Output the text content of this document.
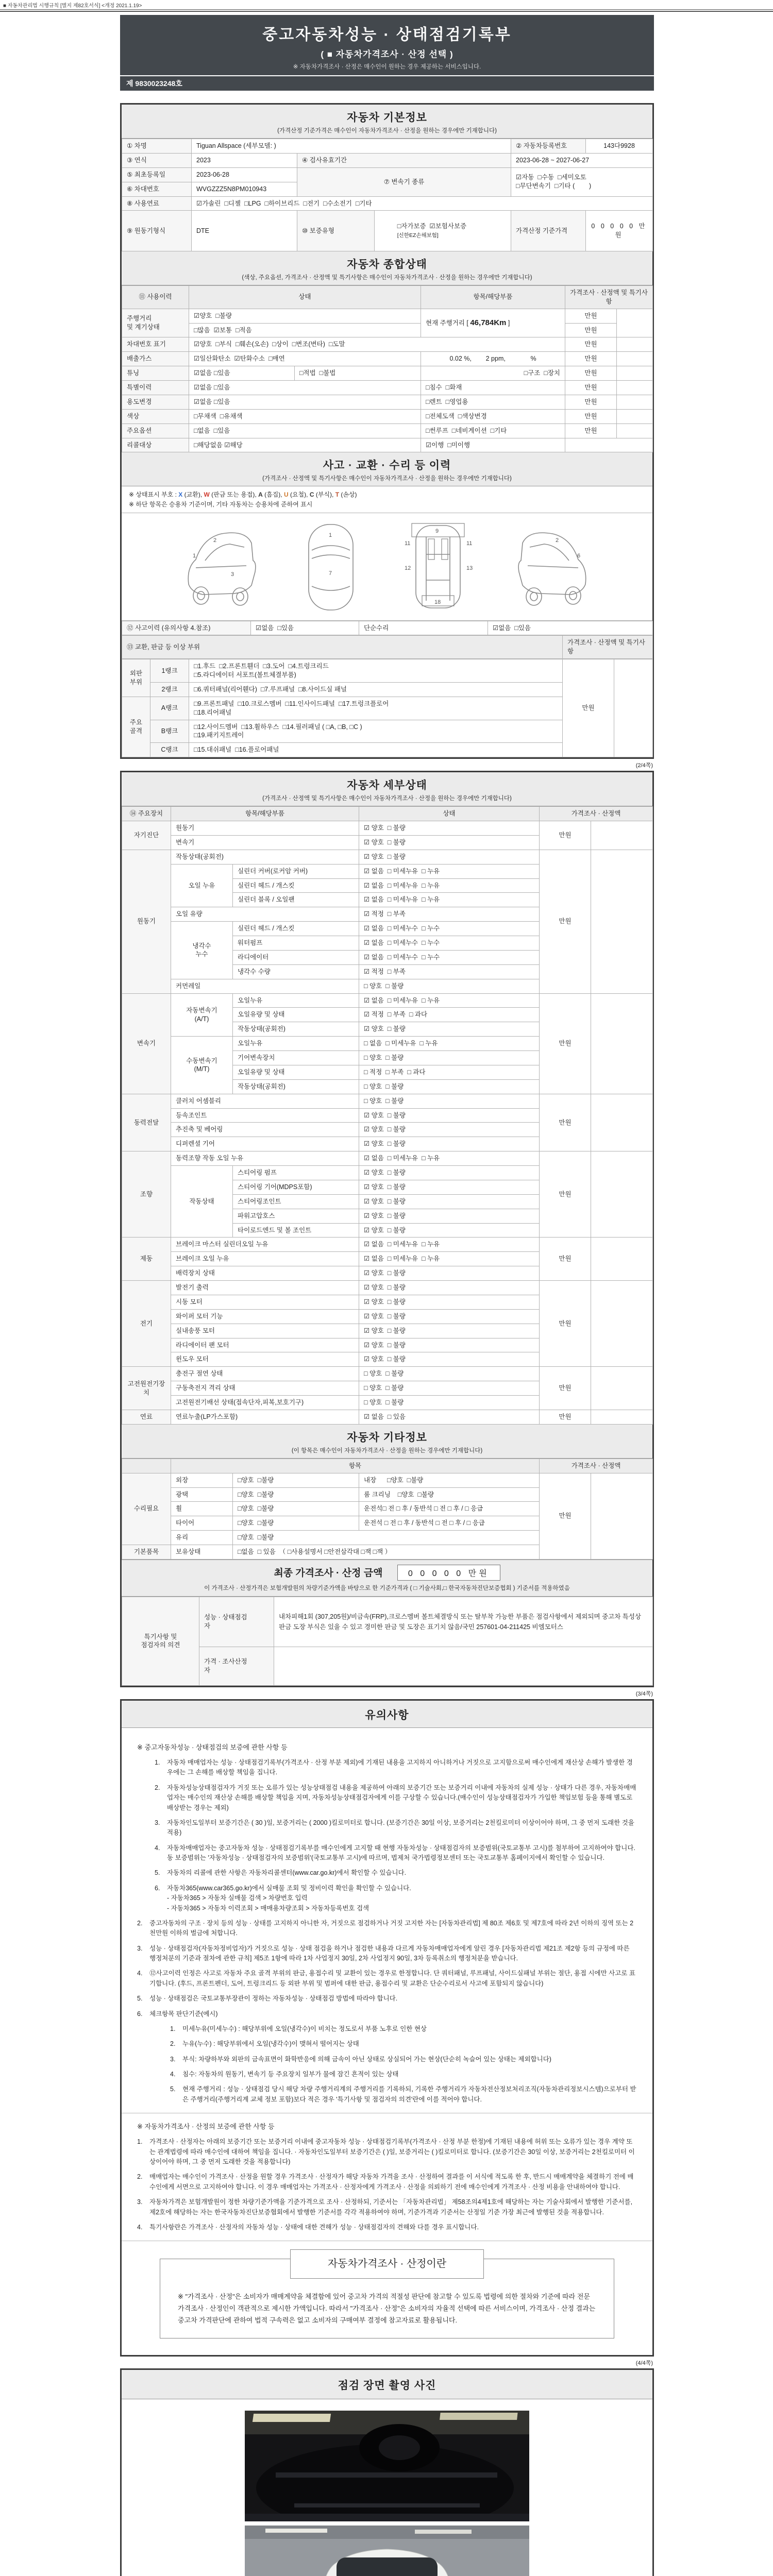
■ 자동차관리법 시행규칙 [별지 제82호서식] <개정 2021.1.19>
중고자동차성능 · 상태점검기록부
( ■ 자동차가격조사 · 산정 선택 )
※ 자동차가격조사 · 산정은 매수인이 원하는 경우 제공하는 서비스입니다.
제 9830023248호
자동차 기본정보
(가격산정 기준가격은 매수인이 자동차가격조사 · 산정을 원하는 경우에만 기재합니다)
① 차명	Tiguan Allspace (세부모델: )			② 자동차등록번호	143다9928
③ 연식	2023	④ 검사유효기간		2023-06-28 ~ 2027-06-27	
⑤ 최초등록일	2023-06-28	⑦ 변속기 종류		☑자동  □수동  □세미오토
□무단변속기  □기타 (        )	

⑥ 차대번호	WVGZZZ5N8PM010943				
⑧ 사용연료	☑가솔린  □디젤  □LPG  □하이브리드  □전기  □수소전기  □기타				
⑨ 원동기형식	DTE	⑩ 보증유형	□자가보증  ☑보험사보증
[신한EZ손해보험]	가격산정 기준가격	0 0 0 0 0 만원
자동차 종합상태
(색상, 주요옵션, 가격조사 · 산정액 및 특기사항은 매수인이 자동차가격조사 · 산정을 원하는 경우에만 기재합니다)
⑪ 사용이력	상태		항목/해당부품	가격조사 · 산정액 및 특기사항	
주행거리
및 계기상태	☑양호  □불량		현재 주행거리 [ 46,784Km ]	만원	
	□많음  ☑보통  □적음			만원	
차대번호 표기	☑양호  □부식  □훼손(오손)  □상이  □변조(변타)  □도말			만원	
배출가스	☑일산화탄소  ☑탄화수소  □매연		0.02 %,        2 ppm,              %	만원	
튜닝	☑없음 □있음	□적법  □불법	□구조  □장치	만원	
특별이력	☑없음 □있음		□침수  □화재	만원	
용도변경	☑없음 □있음		□렌트  □영업용	만원	
색상	□무채색  □유채색		□전체도색  □색상변경	만원	
주요옵션	□없음  □있음		□썬루프  □네비게이션  □기타	만원	
리콜대상	□해당없음 ☑해당		☑이행  □미이행		
사고 · 교환 · 수리 등 이력
(가격조사 · 산정액 및 특기사항은 매수인이 자동차가격조사 · 산정을 원하는 경우에만 기재합니다)
※ 상태표시 부호 : X (교환), W (판금 또는 용접), A (흠집), U (요철), C (부식), T (손상)
※ 하단 항목은 승용차 기준이며, 기타 자동차는 승용차에 준하여 표시
2
1
3

1
7

11	11
9
12	13
18

2
6
⑫ 사고이력 (유의사항 4.참조)	☑없음  □있음	단순수리	☑없음  □있음
⑬ 교환, 판금 등 이상 부위	가격조사 · 산정액 및 특기사항
외판
부위	1랭크	
□1.후드  □2.프론트휀더  □3.도어  □4.트렁크리드
□5.라디에이터 서포트(볼트체결부품)
	만원	
	2랭크	□6.쿼터패널(리어휀다)  □7.루프패널  □8.사이드실 패널		
주요
골격	A랭크	
□9.프론트패널  □10.크로스멤버  □11.인사이드패널  □17.트렁크플로어
□18.리어패널

	B랭크	□12.사이드멤버  □13.휠하우스  □14.필러패널 ( □A, □B, □C )
□19.패키지트레이		

	C랭크	□15.대쉬패널  □16.플로어패널		
(2/4쪽)
자동차 세부상태
(가격조사 · 산정액 및 특기사항은 매수인이 자동차가격조사 · 산정을 원하는 경우에만 기재합니다)
⑭ 주요장치	항목/해당부품		상태	가격조사 · 산정액	
자기진단	원동기		☑ 양호  □ 불량	만원	
	변속기		☑ 양호  □ 불량		
원동기	작동상태(공회전)		☑ 양호  □ 불량	만원	
	오일 누유	실린더 커버(로커암 커버)	☑ 없음  □ 미세누유  □ 누유		
		실린더 헤드 / 개스킷	☑ 없음  □ 미세누유  □ 누유		
		실린더 블록 / 오일팬	☑ 없음  □ 미세누유  □ 누유		
	오일 유량		☑ 적정  □ 부족		
	냉각수
누수	실린더 헤드 / 개스킷	☑ 없음  □ 미세누수  □ 누수		
		워터펌프	☑ 없음  □ 미세누수  □ 누수		
		라디에이터	☑ 없음  □ 미세누수  □ 누수		
		냉각수 수량	☑ 적정  □ 부족		
	커먼레일		□ 양호  □ 불량		
변속기	자동변속기
(A/T)	오일누유	☑ 없음  □ 미세누유  □ 누유	만원	
		오일유량 및 상태	☑ 적정  □ 부족  □ 과다		
		작동상태(공회전)	☑ 양호  □ 불량		
	수동변속기
(M/T)	오일누유	□ 없음  □ 미세누유  □ 누유		
		기어변속장치	□ 양호  □ 불량		
		오일유량 및 상태	□ 적정  □ 부족  □ 과다		
		작동상태(공회전)	□ 양호  □ 불량		
동력전달	클러치 어셈블리		□ 양호  □ 불량	만원	
	등속조인트		☑ 양호  □ 불량		
	추진축 및 베어링		☑ 양호  □ 불량		
	디퍼렌셜 기어		☑ 양호  □ 불량		
조향	동력조향 작동 오일 누유		☑ 없음  □ 미세누유  □ 누유	만원	
	작동상태	스티어링 펌프	☑ 양호  □ 불량		
		스티어링 기어(MDPS포함)	☑ 양호  □ 불량		
		스티어링조인트	☑ 양호  □ 불량		
		파워고압호스	☑ 양호  □ 불량		
		타이로드엔드 및 볼 조인트	☑ 양호  □ 불량		
제동	브레이크 마스터 실린더오일 누유		☑ 없음  □ 미세누유  □ 누유	만원	
	브레이크 오일 누유		☑ 없음  □ 미세누유  □ 누유		
	배력장치 상태		☑ 양호  □ 불량		
전기	발전기 출력		☑ 양호  □ 불량	만원	
	시동 모터		☑ 양호  □ 불량		
	와이퍼 모터 기능		☑ 양호  □ 불량		
	실내송풍 모터		☑ 양호  □ 불량		
	라디에이터 팬 모터		☑ 양호  □ 불량		
	윈도우 모터		☑ 양호  □ 불량		
고전원전기장치	충전구 절연 상태		□ 양호  □ 불량	만원	
	구동축전지 격리 상태		□ 양호  □ 불량		
	고전원전기배선 상태(접속단자,피복,보호기구)		□ 양호  □ 불량		
연료	연료누출(LP가스포함)		☑ 없음  □ 있음	만원	
자동차 기타정보
(이 항목은 매수인이 자동차가격조사 · 산정을 원하는 경우에만 기재합니다)
	항목			가격조사 · 산정액	
수리필요	외장	□양호  □불량	내장 □양호  □불량	만원	
	광택	□양호  □불량	룸 크리닝 □양호  □불량		
	휠	□양호  □불량	운전석□ 전 □ 후 / 동반석 □ 전 □ 후 / □ 응급		
	타이어	□양호  □불량	운전석 □ 전 □ 후 / 동반석 □ 전 □ 후 / □ 응급		
	유리	□양호  □불량			
기본품목	보유상태	□없음  □ 있음  （ □사용설명서 □안전삼각대 □잭 □잭 ）			
최종 가격조사 · 산정 금액	0 0 0 0 0 만원
이 가격조사 · 산정가격은 보험개발원의 차량기준가액을 바탕으로 한 기준가격과 ( □ 기술사회,□ 한국자동차진단보증협회 ) 기준서를 적용하였음
특기사항 및
점검자의 의견	성능 · 상태점검
자	내차피해1회 (307,205원)/비금속(FRP),크로스멤버 볼트체결방식 또는 탈부착 가능한 부품은 점검사항에서 제외되며 중고차 특성상 판금 도장 부식은 있을 수 있고 경미한 판금 및 도장은 표기치 않음/국민 257601-04-211425 비엠모터스
	가격 · 조사산정
자	
(3/4쪽)
유의사항
※ 중고자동차성능 · 상태점검의 보증에 관한 사항 등
1.	자동차 매매업자는 성능 · 상태점검기록부(가격조사 · 산정 부분 제외)에 기재된 내용을 고지하지 아니하거나 거짓으로 고지함으로써 매수인에게 재산상 손해가 발생한 경우에는 그 손해를 배상할 책임을 집니다.
2.	자동차성능상태점검자가 거짓 또는 오류가 있는 성능상태점검 내용을 제공하여 아래의 보증기간 또는 보증거리 이내에 자동차의 실제 성능 · 상태가 다른 경우, 자동차매매업자는 매수인의 재산상 손해를 배상할 책임을 지며, 자동차성능상태점검자에게 이를 구상할 수 있습니다.(매수인이 성능상태점검자가 가입한 책임보험 등을 통해 별도로 배상받는 경우는 제외)
3.	자동차인도일부터 보증기간은 ( 30 )일, 보증거리는 ( 2000 )킬로미터로 합니다. (보증기간은 30일 이상, 보증거리는 2천킬로미터 이상이어야 하며, 그 중 먼저 도래한 것을 적용)
4.	자동차매매업자는 중고자동차 성능 · 상태점검기록부를 매수인에게 고지할 때 현행 자동차성능 · 상태점검자의 보증범위(국토교통부 고시)를 첨부하여 고지하여야 합니다. 동 보증범위는 '자동차성능 · 상태점검자의 보증범위'(국토교통부 고시)에 따르며, 법제처 국가법령정보센터 또는 국토교통부 홈페이지에서 확인할 수 있습니다.
5.	자동차의 리콜에 관한 사항은 자동차리콜센터(www.car.go.kr)에서 확인할 수 있습니다.
6.	자동차365(www.car365.go.kr)에서 실매물 조회 및 정비이력 확인을 확인할 수 있습니다.
- 자동차365 > 자동차 실매물 검색 > 차량번호 입력
- 자동차365 > 자동차 이력조회 > 매매용차량조회 > 자동차등록번호 검색
2.	중고자동차의 구조 · 장치 등의 성능 · 상태를 고지하지 아니한 자, 거짓으로 점검하거나 거짓 고지한 자는 [자동차관리법] 제 80조 제6호 및 제7호에 따라 2년 이하의 징역 또는 2천만원 이하의 벌금에 처합니다.
3.	성능 · 상태점검자(자동차정비업자)가 거짓으로 성능 · 상태 점검을 하거나 점검한 내용과 다르게 자동차매매업자에게 알린 경우 [자동차관리법 제21조 제2항 등의 규정에 따른 행정처분의 기준과 절차에 관한 규칙] 제5조 1항에 따라 1차 사업정지 30일, 2차 사업정지 90일, 3차 등록취소의 행정처분을 받습니다.
4.	⑫사고이력 인정은 사고로 자동차 주요 골격 부위의 판금, 용접수리 및 교환이 있는 경우로 한정합니다. 단 쿼터패널, 루프패널, 사이드실패널 부위는 절단, 용접 시에만 사고로 표기합니다. (후드, 프론트펜더, 도어, 트렁크리드 등 외판 부위 및 범퍼에 대한 판금, 용접수리 및 교환은 단순수리로서 사고에 포함되지 않습니다)
5.	성능 · 상태점검은 국토교통부장관이 정하는 자동차성능 · 상태점검 방법에 따라야 합니다.
6.	체크항목 판단기준(예시)
1.	미세누유(미세누수) : 해당부위에 오일(냉각수)이 비치는 정도로서 부품 노후로 인한 현상
2.	누유(누수) : 해당부위에서 오일(냉각수)이 맺혀서 떨어지는 상태
3.	부식: 차량하부와 외판의 금속표면이 화학반응에 의해 금속이 아닌 상태로 상실되어 가는 현상(단순히 녹슬어 있는 상태는 제외합니다)
4.	침수: 자동차의 원동기, 변속기 등 주요장치 일부가 물에 잠긴 흔적이 있는 상태
5.	현재 주행거리 : 성능 · 상태점검 당시 해당 차량 주행거리계의 주행거리를 기록하되, 기록한 주행거리가 자동차전산정보처리조직(자동차관리정보시스템)으로부터 받은 주행거리(주행거리계 교체 정보 포함)보다 적은 경우 '특기사항 및 점검자의 의견'란에 이를 적어야 합니다.
※ 자동차가격조사 · 산정의 보증에 관한 사항 등
1.	가격조사 · 산정자는 아래의 보증기간 또는 보증거리 이내에 중고자동차 성능 · 상태점검기록부(가격조사 · 산정 부분 한정)에 기재된 내용에 허위 또는 오류가 있는 경우 계약 또는 관계법령에 따라 매수인에 대하여 책임을 집니다. · 자동차인도일부터 보증기간은 ( )일, 보증거리는 ( )킬로미터로 합니다. (보증기간은 30일 이상, 보증거리는 2천킬로미터 이상이어야 하며, 그 중 먼저 도래한 것을 적용합니다)
2.	매매업자는 매수인이 가격조사 · 산정을 원할 경우 가격조사 · 산정자가 해당 자동차 가격을 조사 · 산정하여 결과를 이 서식에 적도록 한 후, 반드시 매매계약을 체결하기 전에 매수인에게 서면으로 고지하여야 합니다. 이 경우 매매업자는 가격조사 · 산정자에게 가격조사 · 산정을 의뢰하기 전에 매수인에게 가격조사 · 산정 비용을 안내하여야 합니다.
3.	자동차가격은 보험개발원이 정한 차량기준가액을 기준가격으로 조사 · 산정하되, 기준서는 「자동차관리법」 제58조의4제1호에 해당하는 자는 기술사회에서 발행한 기준서를, 제2호에 해당하는 자는 한국자동차진단보증협회에서 발행한 기준서를 각각 적용하여야 하며, 기준가격과 기준서는 산정일 기준 가장 최근에 발행된 것을 적용합니다.
4.	특기사항란은 가격조사 · 산정자의 자동차 성능 · 상태에 대한 견해가 성능 · 상태점검자의 견해와 다를 경우 표시합니다.
자동차가격조사 · 산정이란
※ "가격조사 · 산정"은 소비자가 매매계약을 체결함에 있어 중고차 가격의 적절성 판단에 참고할 수 있도록 법령에 의한 절차와 기준에 따라 전문 가격조사 · 산정인이 객관적으로 제시한 가액입니다. 따라서 "가격조사 · 산정"은 소비자의 자율적 선택에 따른 서비스이며, 가격조사 · 산정 결과는 중고차 가격판단에 관하여 법적 구속력은 없고 소비자의 구매여부 결정에 참고자료로 활용됩니다.
(4/4쪽)
점검 장면 촬영 사진
